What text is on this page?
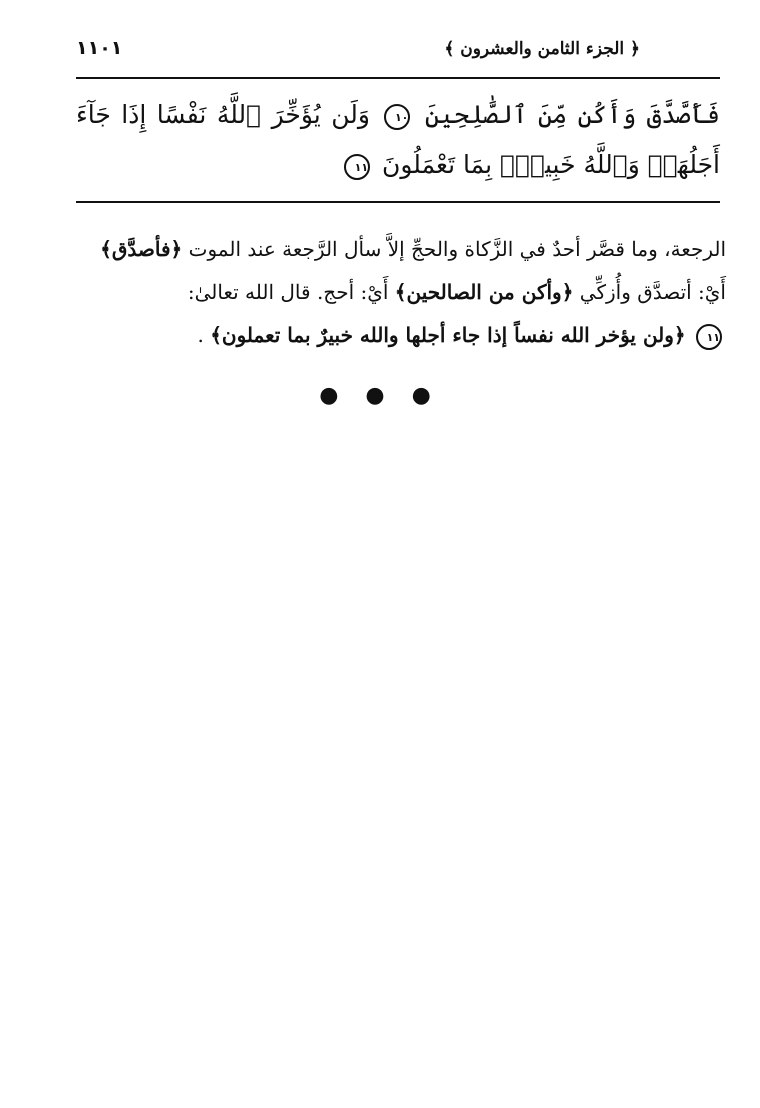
١١٠١	﴿ الجزء الثامن والعشرون ﴾

فَأَصَّدَّقَ وَأَكُن مِّنَ ٱلصَّٰلِحِينَ ١٠ وَلَن يُؤَخِّرَ ٱللَّهُ نَفْسًا إِذَا جَآءَ أَجَلُهَاۚ وَٱللَّهُ خَبِيرُۢ بِمَا تَعْمَلُونَ ١١

الرجعة، وما قصَّر أحدٌ في الزَّكاة والحجِّ إلاَّ سأل الرَّجعة عند الموت ﴿فأصدَّق﴾

أَيْ: أتصدَّق وأُزكِّي ﴿وأكن من الصالحين﴾ أَيْ: أحج. قال الله تعالىٰ:

١١ ﴿ولن يؤخر الله نفساً إذا جاء أجلها والله خبيرٌ بما تعملون﴾ .

● ● ●
